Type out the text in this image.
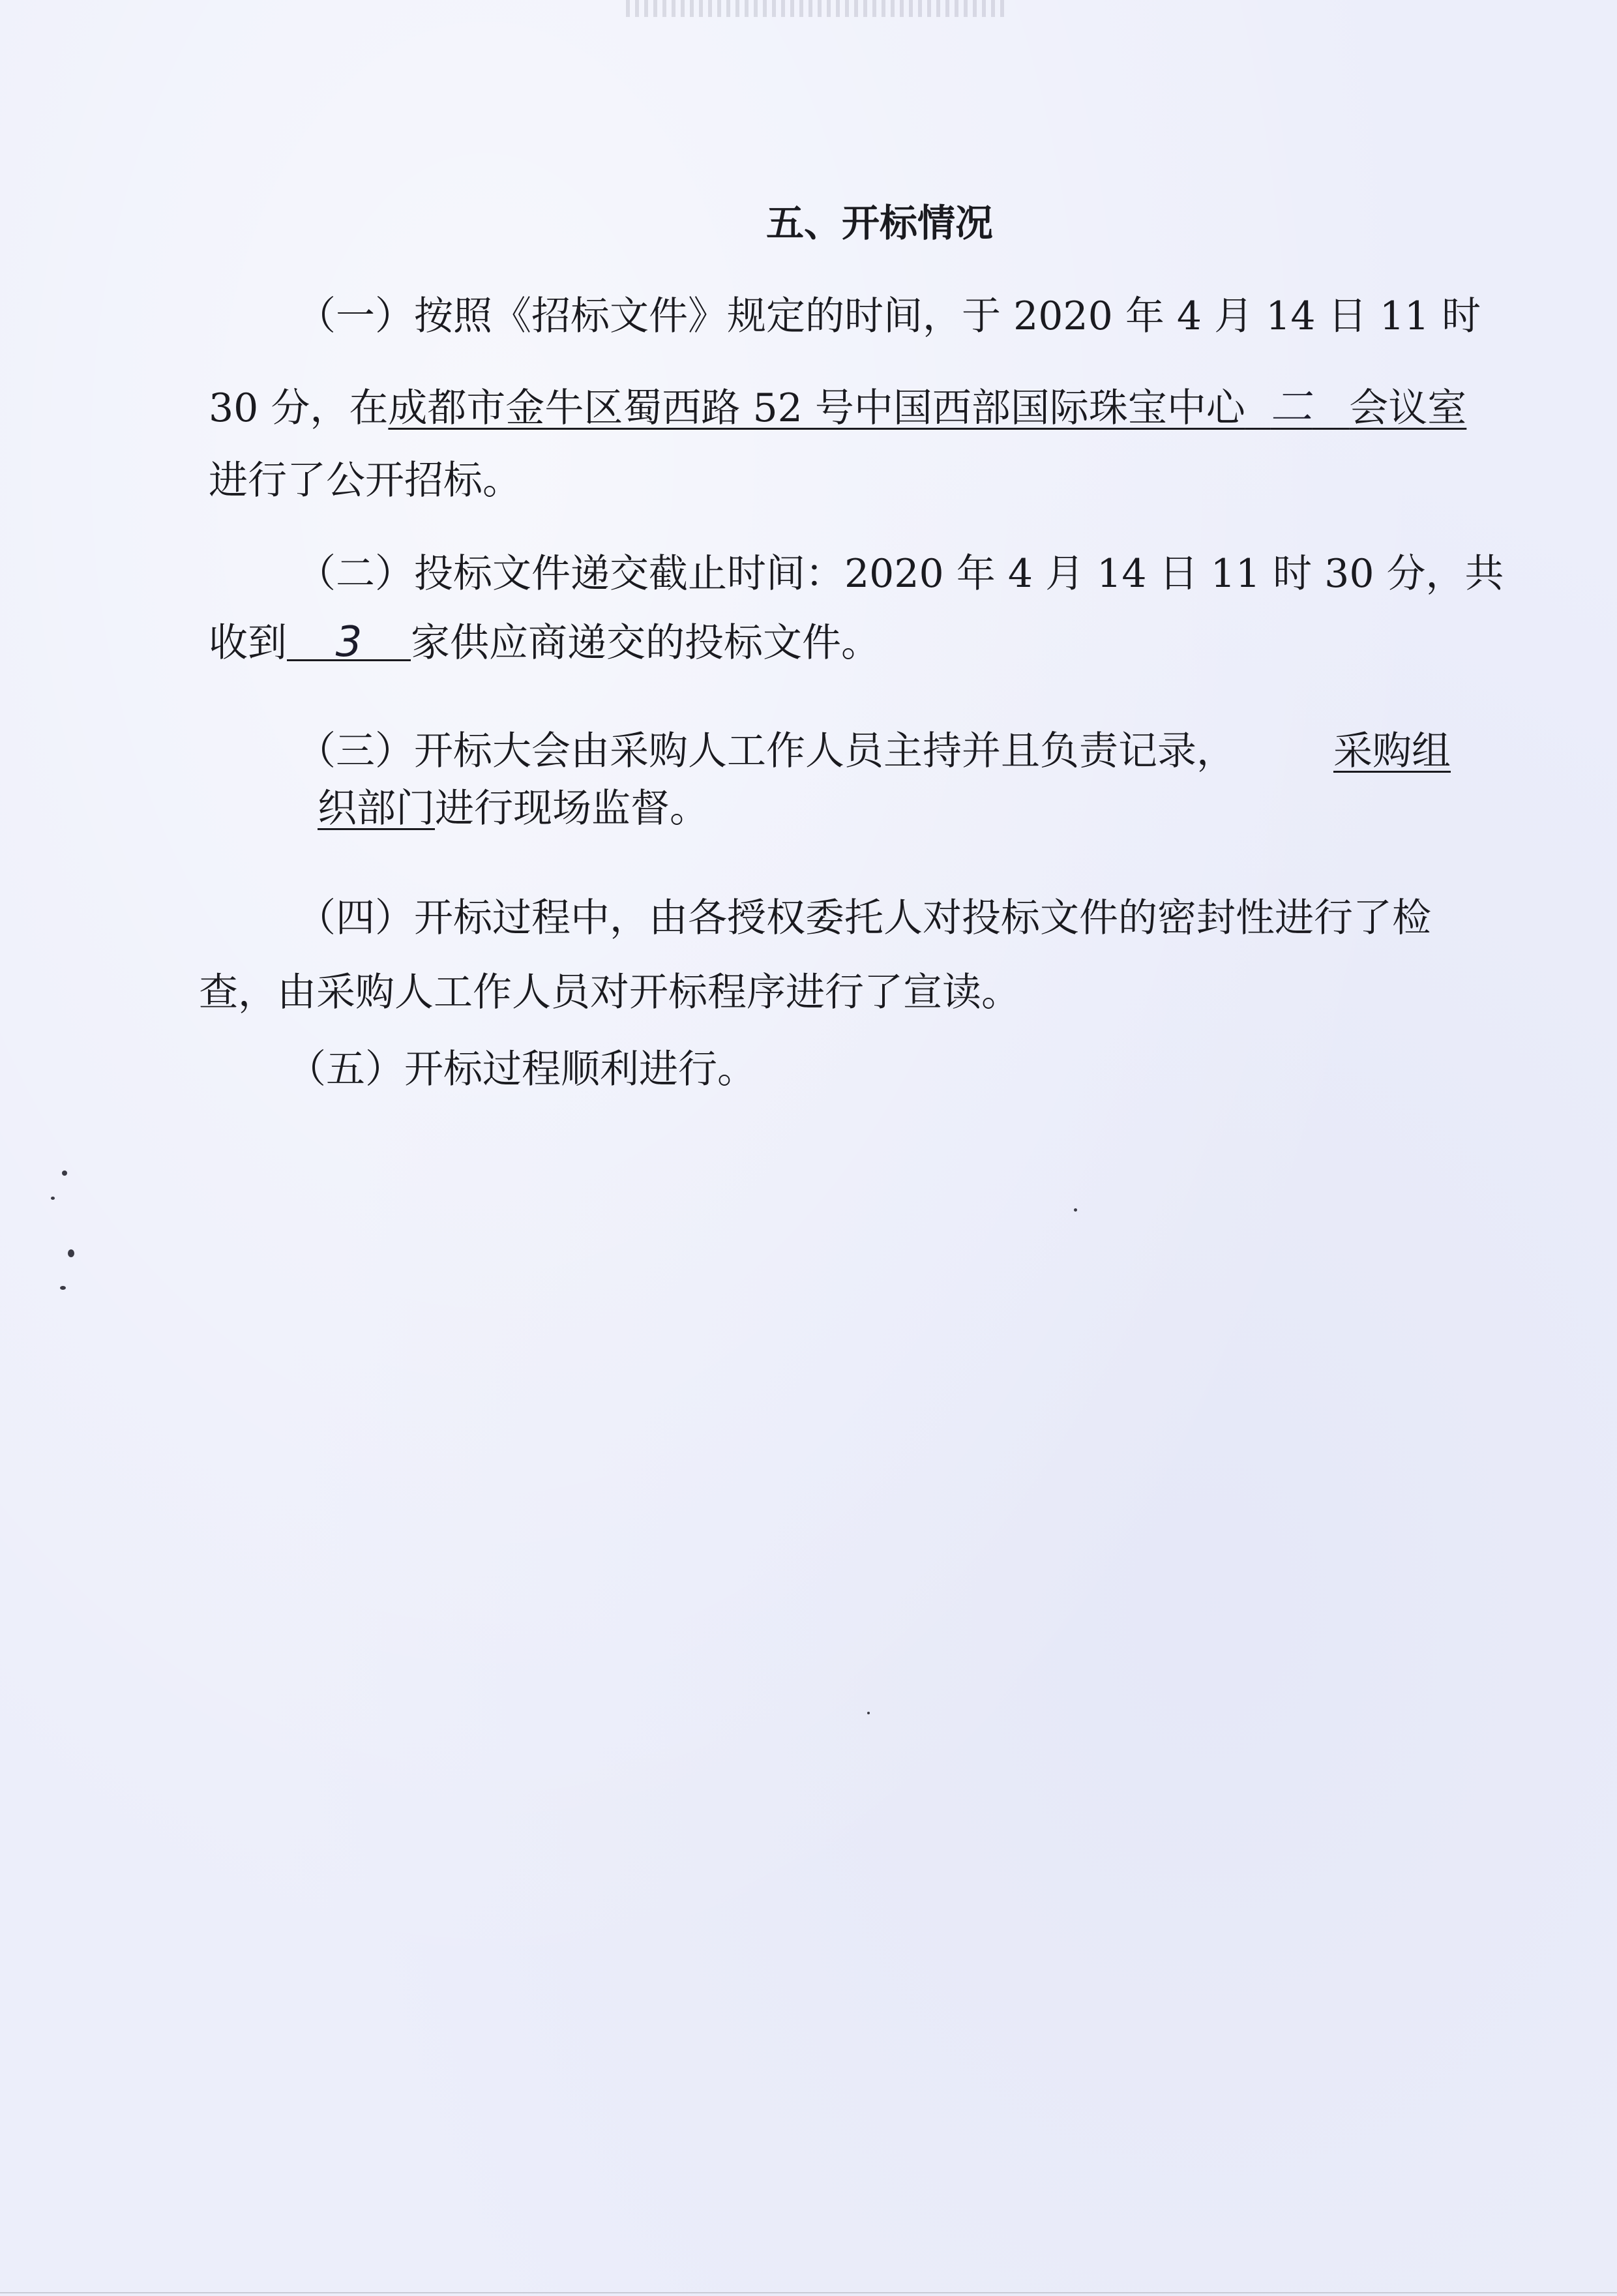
五、开标情况
（一）按照《招标文件》规定的时间，于 2020 年 4 月 14 日 11 时
30 分，在成都市金牛区蜀西路 52 号中国西部国际珠宝中心 二 会议室
进行了公开招标。
（二）投标文件递交截止时间：2020 年 4 月 14 日 11 时 30 分，共
收到 3 家供应商递交的投标文件。
（三）开标大会由采购人工作人员主持并且负责记录，	采购组
织部门进行现场监督。
（四）开标过程中，由各授权委托人对投标文件的密封性进行了检
查，由采购人工作人员对开标程序进行了宣读。
（五）开标过程顺利进行。
